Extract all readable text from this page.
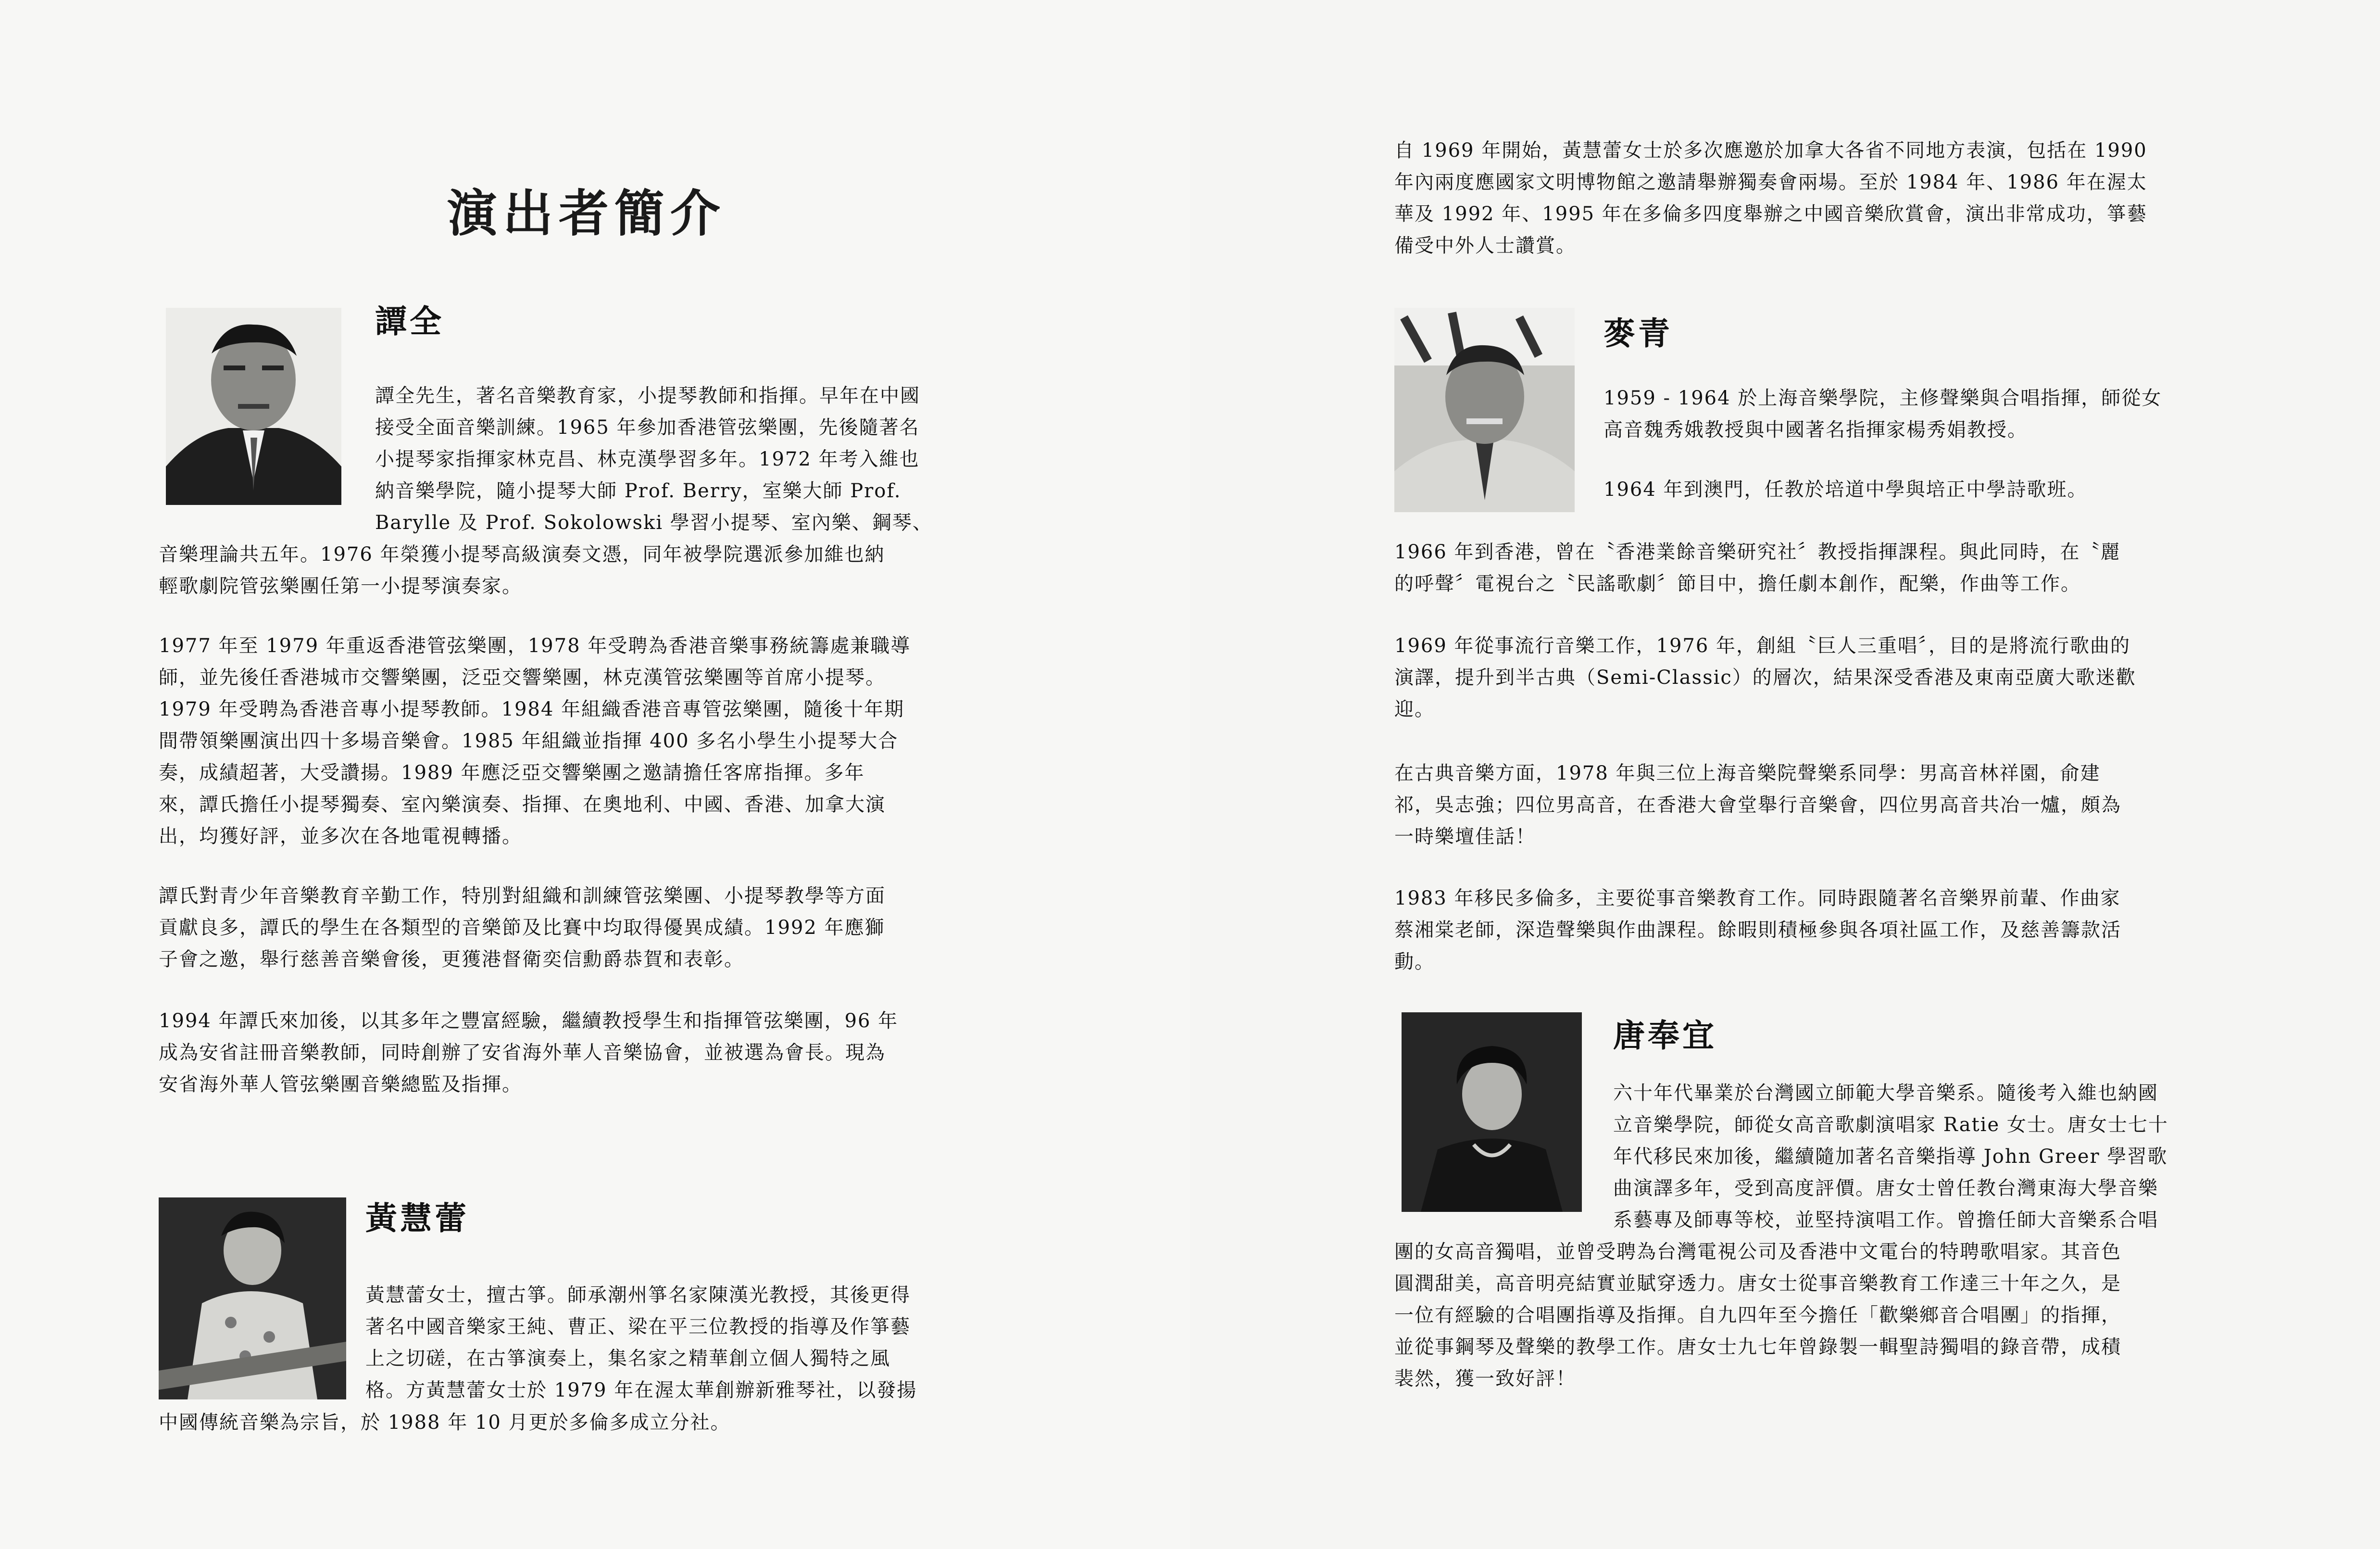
演出者簡介
譚全

譚全先生，著名音樂教育家，小提琴教師和指揮。早年在中國
接受全面音樂訓練。1965 年參加香港管弦樂團，先後隨著名
小提琴家指揮家林克昌、林克漢學習多年。1972 年考入維也
納音樂學院，隨小提琴大師 Prof. Berry，室樂大師 Prof.
Barylle 及 Prof. Sokolowski 學習小提琴、室內樂、鋼琴、

音樂理論共五年。1976 年榮獲小提琴高級演奏文憑，同年被學院選派參加維也納
輕歌劇院管弦樂團任第一小提琴演奏家。

1977 年至 1979 年重返香港管弦樂團，1978 年受聘為香港音樂事務統籌處兼職導
師，並先後任香港城市交響樂團，泛亞交響樂團，林克漢管弦樂團等首席小提琴。
1979 年受聘為香港音專小提琴教師。1984 年組織香港音專管弦樂團，隨後十年期
間帶領樂團演出四十多場音樂會。1985 年組織並指揮 400 多名小學生小提琴大合
奏，成績超著，大受讚揚。1989 年應泛亞交響樂團之邀請擔任客席指揮。多年
來，譚氏擔任小提琴獨奏、室內樂演奏、指揮、在奧地利、中國、香港、加拿大演
出，均獲好評，並多次在各地電視轉播。

譚氏對青少年音樂教育辛勤工作，特別對組織和訓練管弦樂團、小提琴教學等方面
貢獻良多，譚氏的學生在各類型的音樂節及比賽中均取得優異成績。1992 年應獅
子會之邀，舉行慈善音樂會後，更獲港督衛奕信勳爵恭賀和表彰。

1994 年譚氏來加後，以其多年之豐富經驗，繼續教授學生和指揮管弦樂團，96 年
成為安省註冊音樂教師，同時創辦了安省海外華人音樂協會，並被選為會長。現為
安省海外華人管弦樂團音樂總監及指揮。

黃慧蕾

黃慧蕾女士，擅古箏。師承潮州箏名家陳漢光教授，其後更得
著名中國音樂家王純、曹正、梁在平三位教授的指導及作箏藝
上之切磋，在古箏演奏上，集名家之精華創立個人獨特之風
格。方黃慧蕾女士於 1979 年在渥太華創辦新雅琴社，以發揚

中國傳統音樂為宗旨，於 1988 年 10 月更於多倫多成立分社。

自 1969 年開始，黃慧蕾女士於多次應邀於加拿大各省不同地方表演，包括在 1990
年內兩度應國家文明博物館之邀請舉辦獨奏會兩場。至於 1984 年、1986 年在渥太
華及 1992 年、1995 年在多倫多四度舉辦之中國音樂欣賞會，演出非常成功，箏藝
備受中外人士讚賞。

麥青

1959 - 1964 於上海音樂學院，主修聲樂與合唱指揮，師從女
高音魏秀娥教授與中國著名指揮家楊秀娟教授。

1964 年到澳門，任教於培道中學與培正中學詩歌班。

1966 年到香港，曾在〝香港業餘音樂研究社〞教授指揮課程。與此同時，在〝麗
的呼聲〞電視台之〝民謠歌劇〞節目中，擔任劇本創作，配樂，作曲等工作。

1969 年從事流行音樂工作，1976 年，創組〝巨人三重唱〞，目的是將流行歌曲的
演譯，提升到半古典（Semi-Classic）的層次，結果深受香港及東南亞廣大歌迷歡
迎。

在古典音樂方面，1978 年與三位上海音樂院聲樂系同學：男高音林祥園，俞建
祁，吳志強；四位男高音，在香港大會堂舉行音樂會，四位男高音共冶一爐，頗為
一時樂壇佳話！

1983 年移民多倫多，主要從事音樂教育工作。同時跟隨著名音樂界前輩、作曲家
蔡湘棠老師，深造聲樂與作曲課程。餘暇則積極參與各項社區工作，及慈善籌款活
動。

唐奉宜

六十年代畢業於台灣國立師範大學音樂系。隨後考入維也納國
立音樂學院，師從女高音歌劇演唱家 Ratie 女士。唐女士七十
年代移民來加後，繼續隨加著名音樂指導 John Greer 學習歌
曲演譯多年，受到高度評價。唐女士曾任教台灣東海大學音樂
系藝專及師專等校，並堅持演唱工作。曾擔任師大音樂系合唱

團的女高音獨唱，並曾受聘為台灣電視公司及香港中文電台的特聘歌唱家。其音色
圓潤甜美，高音明亮結實並賦穿透力。唐女士從事音樂教育工作達三十年之久，是
一位有經驗的合唱團指導及指揮。自九四年至今擔任「歡樂鄉音合唱團」的指揮，
並從事鋼琴及聲樂的教學工作。唐女士九七年曾錄製一輯聖詩獨唱的錄音帶，成積
裴然，獲一致好評！
